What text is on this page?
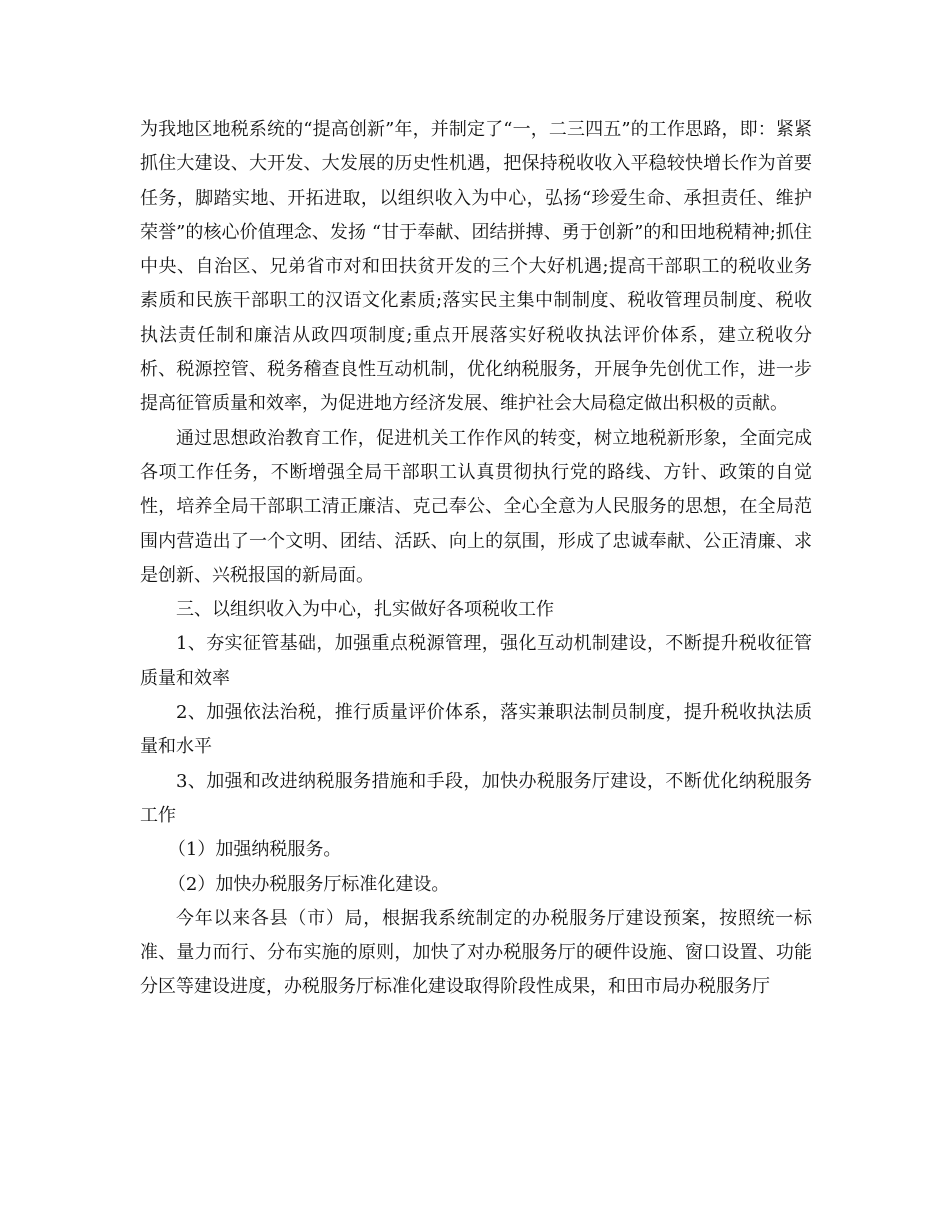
为我地区地税系统的“提高创新”年，并制定了“一，二三四五”的工作思路，即：紧紧抓住大建设、大开发、大发展的历史性机遇，把保持税收收入平稳较快增长作为首要任务，脚踏实地、开拓进取，以组织收入为中心，弘扬“珍爱生命、承担责任、维护荣誉”的核心价值理念、发扬 “甘于奉献、团结拼搏、勇于创新”的和田地税精神;抓住中央、自治区、兄弟省市对和田扶贫开发的三个大好机遇;提高干部职工的税收业务素质和民族干部职工的汉语文化素质;落实民主集中制制度、税收管理员制度、税收执法责任制和廉洁从政四项制度;重点开展落实好税收执法评价体系，建立税收分析、税源控管、税务稽查良性互动机制，优化纳税服务，开展争先创优工作，进一步提高征管质量和效率，为促进地方经济发展、维护社会大局稳定做出积极的贡献。

通过思想政治教育工作，促进机关工作作风的转变，树立地税新形象，全面完成各项工作任务，不断增强全局干部职工认真贯彻执行党的路线、方针、政策的自觉性，培养全局干部职工清正廉洁、克己奉公、全心全意为人民服务的思想，在全局范围内营造出了一个文明、团结、活跃、向上的氛围，形成了忠诚奉献、公正清廉、求是创新、兴税报国的新局面。

三、以组织收入为中心，扎实做好各项税收工作

1、夯实征管基础，加强重点税源管理，强化互动机制建设，不断提升税收征管质量和效率

2、加强依法治税，推行质量评价体系，落实兼职法制员制度，提升税收执法质量和水平

3、加强和改进纳税服务措施和手段，加快办税服务厅建设，不断优化纳税服务工作

（1）加强纳税服务。

（2）加快办税服务厅标准化建设。

今年以来各县（市）局，根据我系统制定的办税服务厅建设预案，按照统一标准、量力而行、分布实施的原则，加快了对办税服务厅的硬件设施、窗口设置、功能分区等建设进度，办税服务厅标准化建设取得阶段性成果，和田市局办税服务厅
